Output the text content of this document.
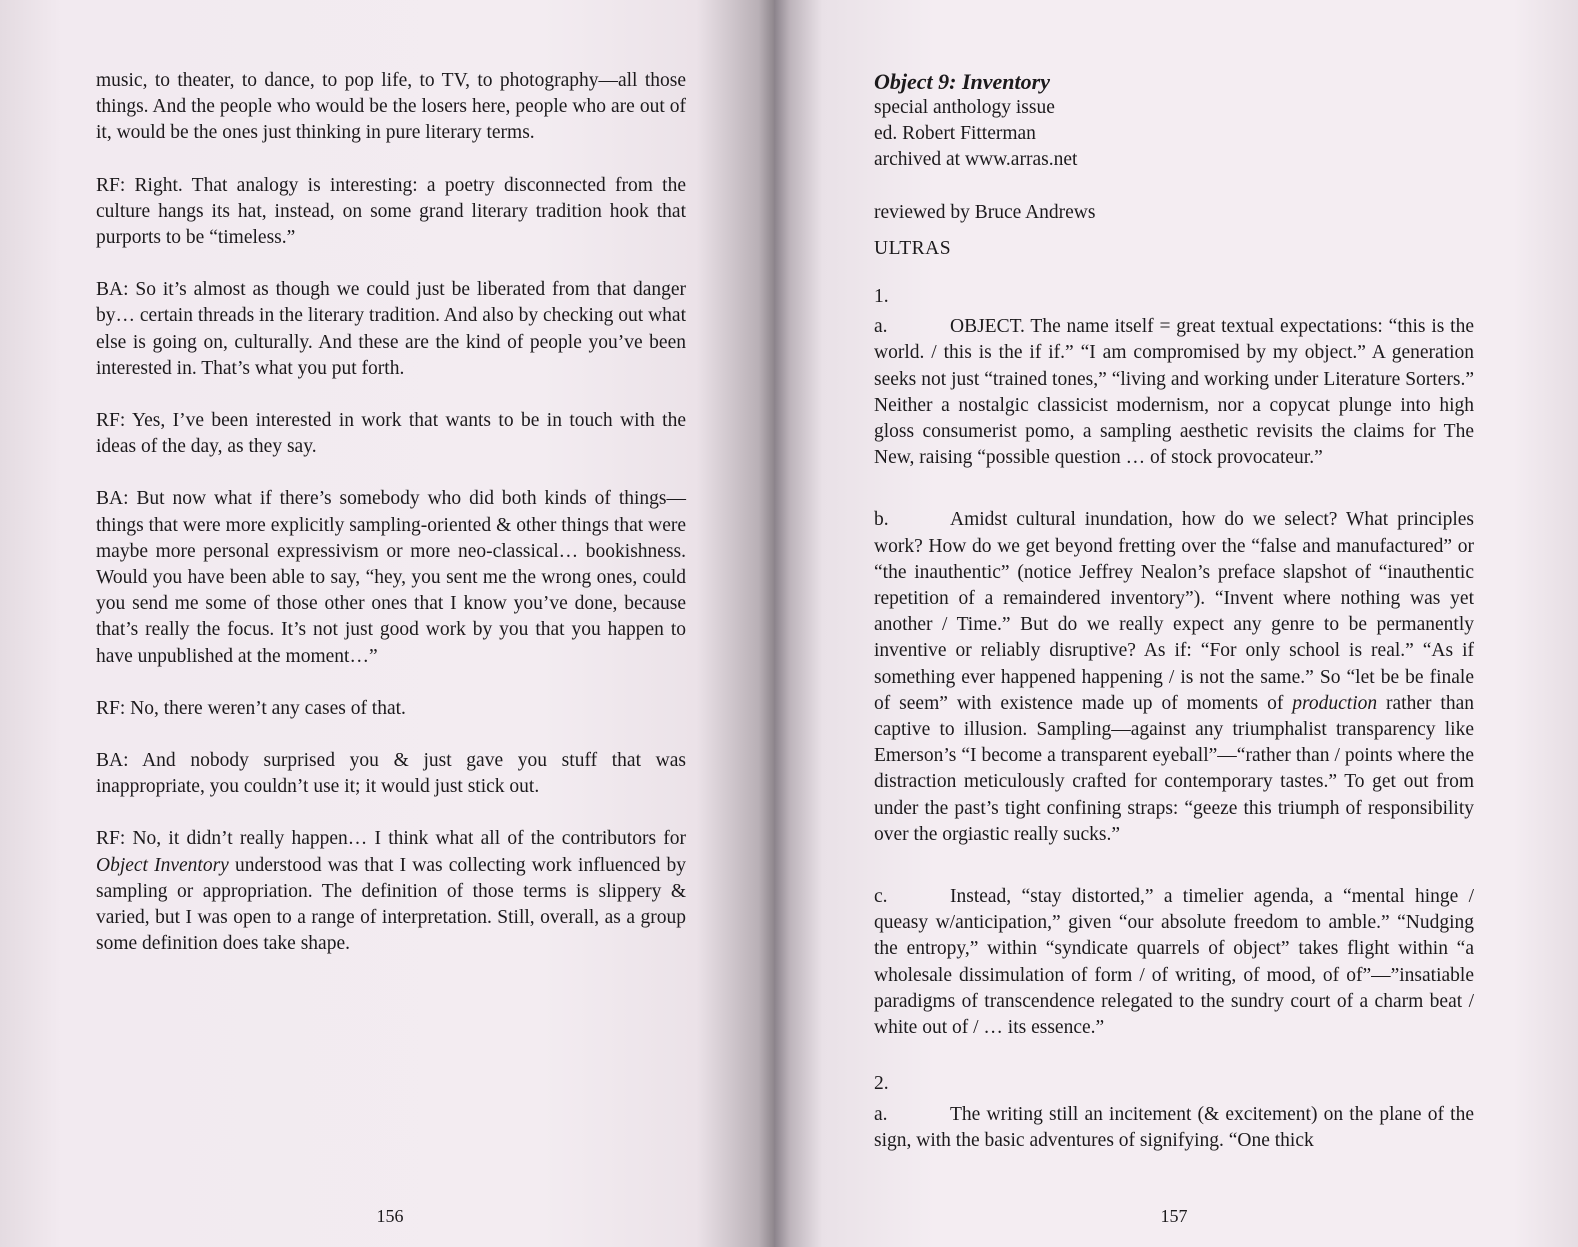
music, to theater, to dance, to pop life, to TV, to photography—all those things. And the people who would be the losers here, people who are out of it, would be the ones just thinking in pure literary terms.

RF: Right. That analogy is interesting: a poetry disconnected from the culture hangs its hat, instead, on some grand literary tradition hook that purports to be “timeless.”

BA: So it’s almost as though we could just be liberated from that danger by… certain threads in the literary tradition. And also by checking out what else is going on, culturally. And these are the kind of people you’ve been interested in. That’s what you put forth.

RF: Yes, I’ve been interested in work that wants to be in touch with the ideas of the day, as they say.

BA: But now what if there’s somebody who did both kinds of things—things that were more explicitly sampling-oriented & other things that were maybe more personal expressivism or more neo-classical… bookishness. Would you have been able to say, “hey, you sent me the wrong ones, could you send me some of those other ones that I know you’ve done, because that’s really the focus. It’s not just good work by you that you happen to have unpublished at the moment…”

RF: No, there weren’t any cases of that.

BA: And nobody surprised you & just gave you stuff that was inappropriate, you couldn’t use it; it would just stick out.

RF: No, it didn’t really happen… I think what all of the contributors for Object Inventory understood was that I was collecting work influenced by sampling or appropriation. The definition of those terms is slippery & varied, but I was open to a range of interpretation. Still, overall, as a group some definition does take shape.

156
Object 9: Inventory
special anthology issue
ed. Robert Fitterman
archived at www.arras.net

reviewed by Bruce Andrews

ULTRAS

1.

a.	OBJECT. The name itself = great textual expectations: “this is the world. / this is the if if.” “I am compromised by my object.” A generation seeks not just “trained tones,” “living and working under Literature Sorters.” Neither a nostalgic classicist modernism, nor a copycat plunge into high gloss consumerist pomo, a sampling aesthetic revisits the claims for The New, raising “possible question … of stock provocateur.”

b.	Amidst cultural inundation, how do we select? What principles work? How do we get beyond fretting over the “false and manufactured” or “the inauthentic” (notice Jeffrey Nealon’s preface slapshot of “inauthentic repetition of a remaindered inventory”). “Invent where nothing was yet another / Time.” But do we really expect any genre to be permanently inventive or reliably disruptive? As if: “For only school is real.” “As if something ever happened happening / is not the same.” So “let be be finale of seem” with existence made up of moments of production rather than captive to illusion. Sampling—against any triumphalist transparency like Emerson’s “I become a transparent eyeball”—“rather than / points where the distraction meticulously crafted for contemporary tastes.” To get out from under the past’s tight confining straps: “geeze this triumph of responsibility over the orgiastic really sucks.”

c.	Instead, “stay distorted,” a timelier agenda, a “mental hinge / queasy w/anticipation,” given “our absolute freedom to amble.” “Nudging the entropy,” within “syndicate quarrels of object” takes flight within “a wholesale dissimulation of form / of writing, of mood, of of”—”insatiable paradigms of transcendence relegated to the sundry court of a charm beat / white out of / … its essence.”

2.

a.	The writing still an incitement (& excitement) on the plane of the sign, with the basic adventures of signifying. “One thick

157
